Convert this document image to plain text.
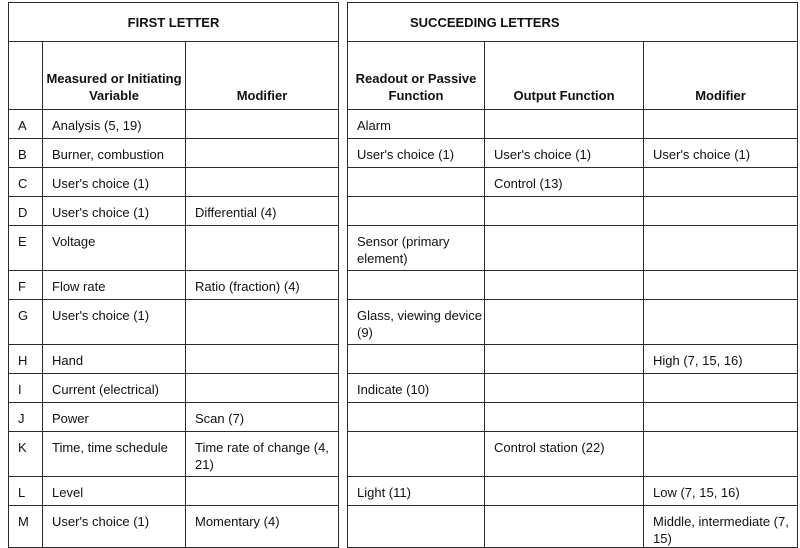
FIRST LETTER				SUCCEEDING LETTERS		
	Measured or Initiating Variable	Modifier		Readout or Passive Function	Output Function	Modifier
A	Analysis (5, 19)			Alarm		
B	Burner, combustion			User's choice (1)	User's choice (1)	User's choice (1)
C	User's choice (1)				Control (13)	
D	User's choice (1)	Differential (4)				
E	Voltage			Sensor (primary element)		
F	Flow rate	Ratio (fraction) (4)				
G	User's choice (1)			Glass, viewing device (9)		
H	Hand					High (7, 15, 16)
I	Current (electrical)			Indicate (10)		
J	Power	Scan (7)				
K	Time, time schedule	Time rate of change (4, 21)			Control station (22)	
L	Level			Light (11)		Low (7, 15, 16)
M	User's choice (1)	Momentary (4)				Middle, intermediate (7, 15)
